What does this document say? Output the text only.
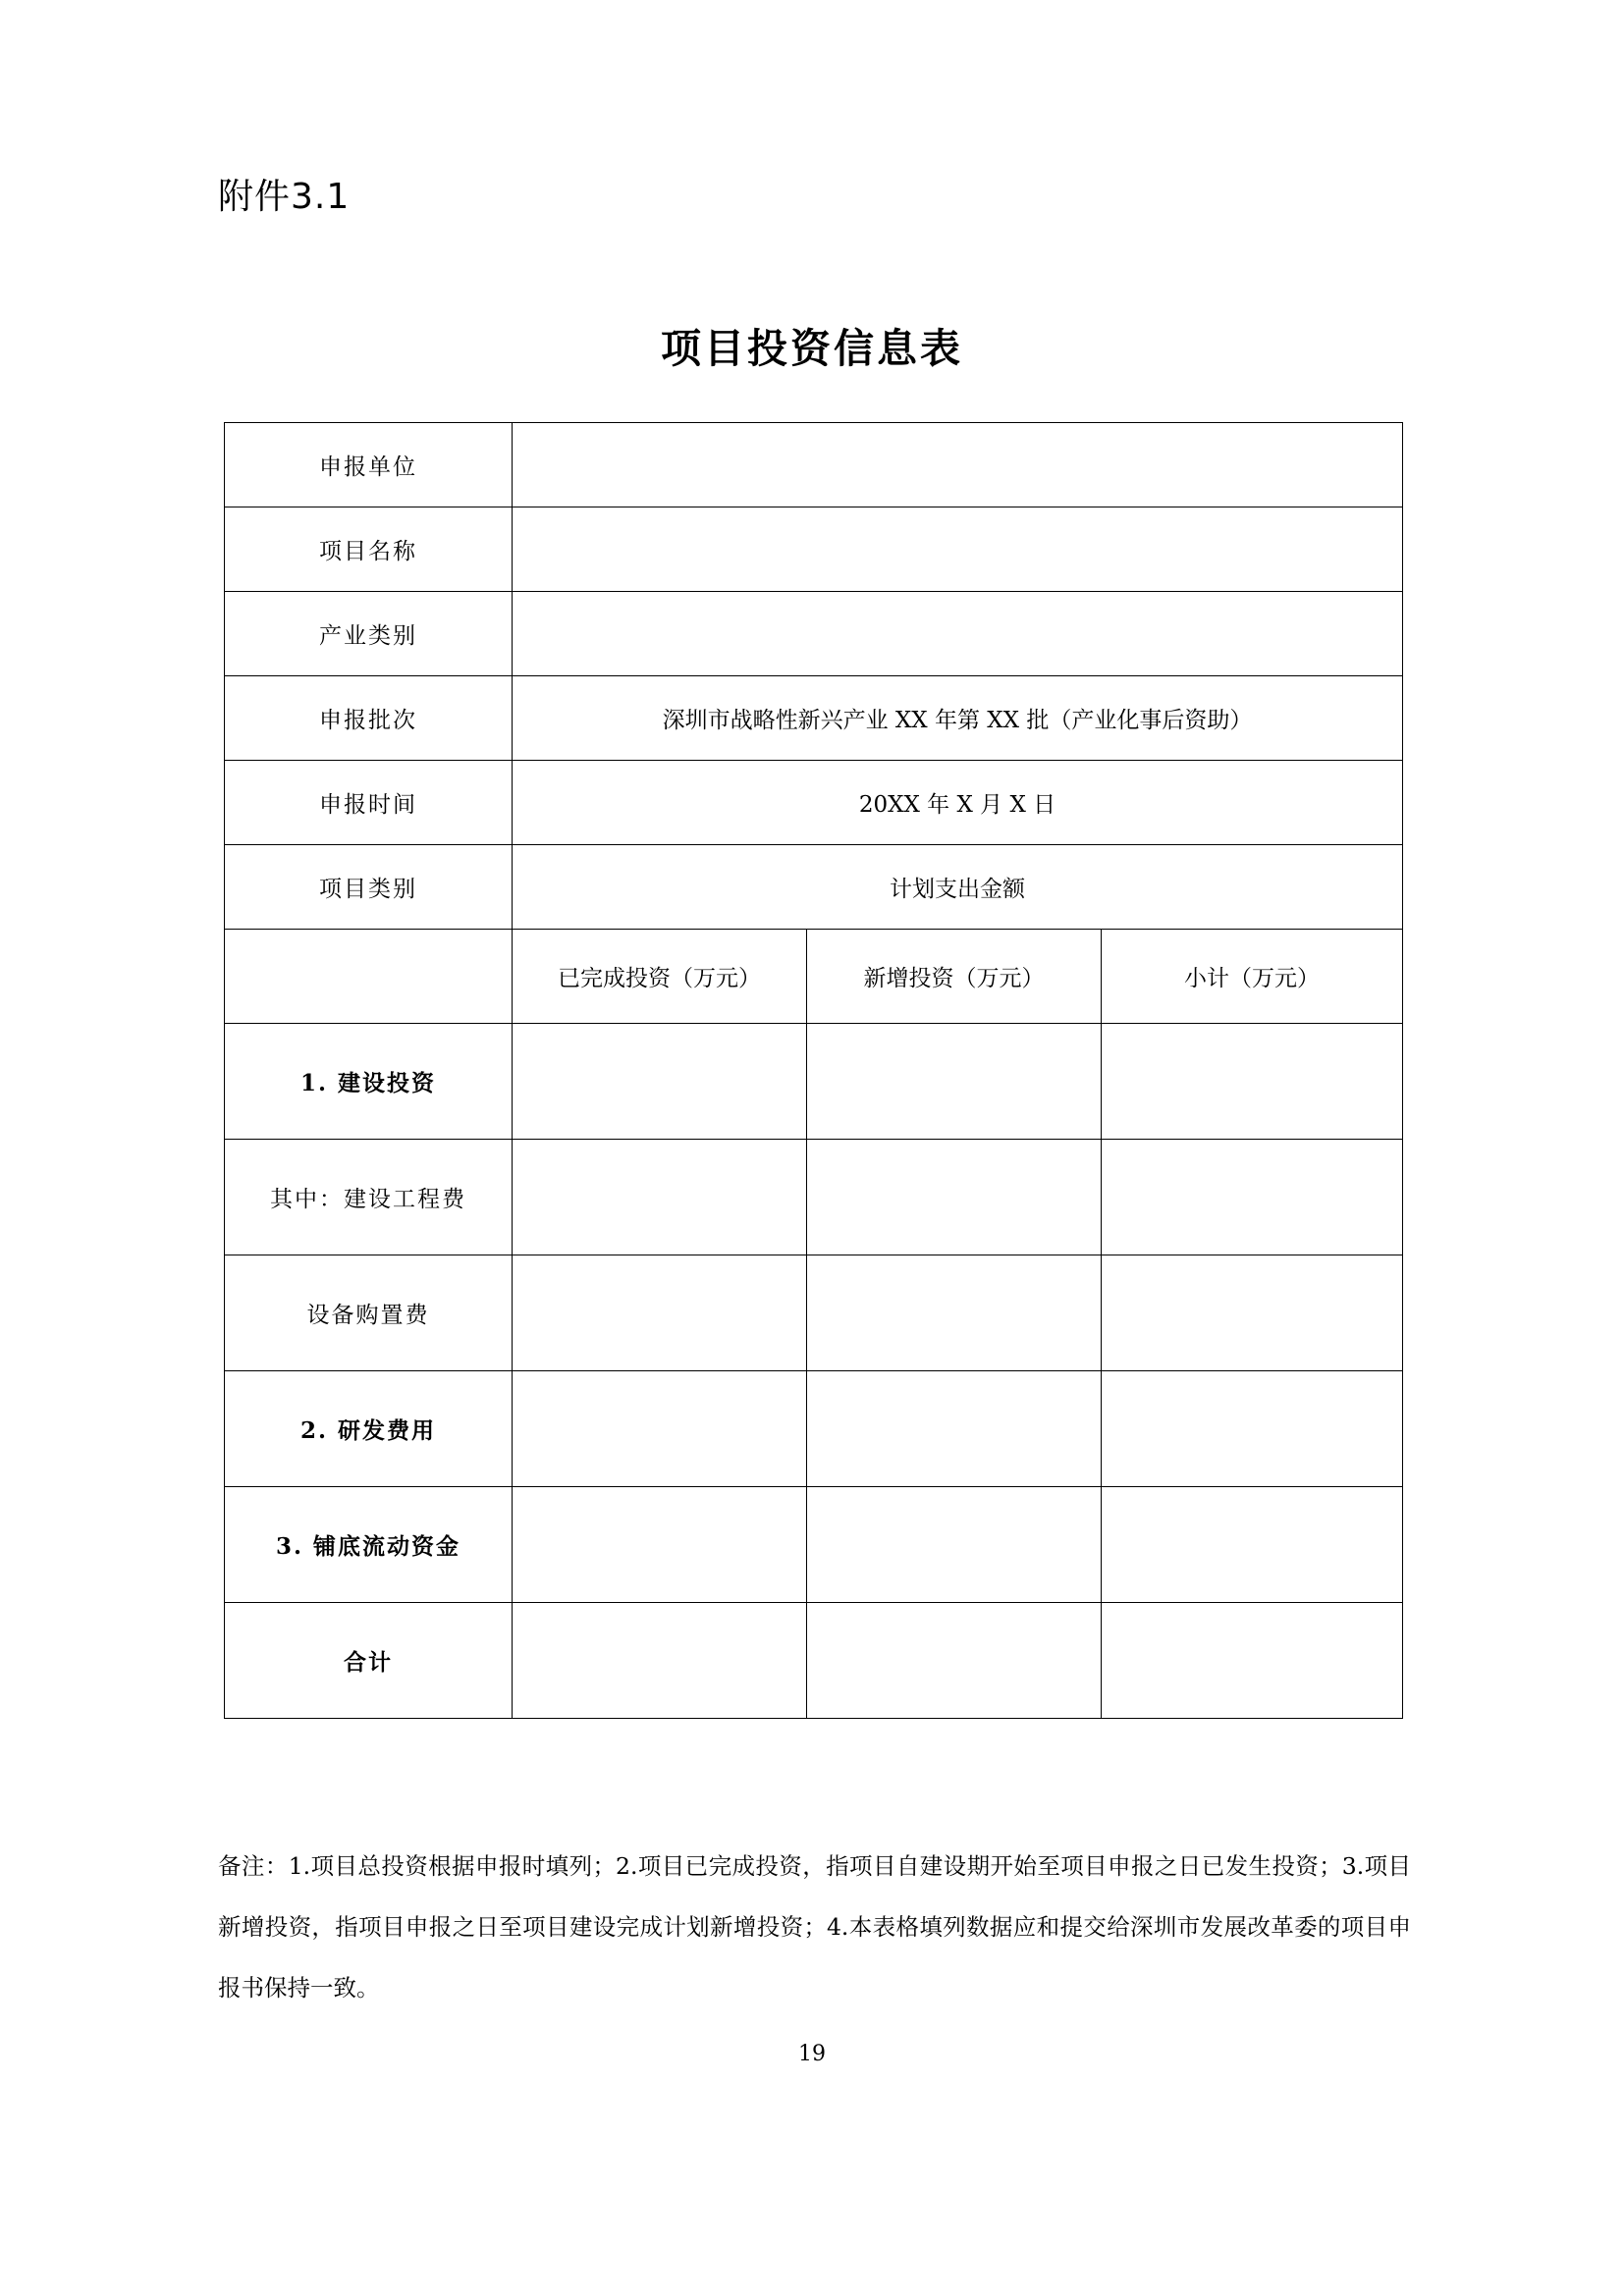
附件3.1
项目投资信息表
申报单位			
项目名称			
产业类别			
申报批次	深圳市战略性新兴产业 XX 年第 XX 批（产业化事后资助）		
申报时间	20XX 年 X 月 X 日		
项目类别	计划支出金额		
	已完成投资（万元）	新增投资（万元）	小计（万元）
1. 建设投资			
其中：建设工程费			
设备购置费			
2. 研发费用			
3. 铺底流动资金			
合计			
备注：1.项目总投资根据申报时填列；2.项目已完成投资，指项目自建设期开始至项目申报之日已发生投资；3.项目新增投资，指项目申报之日至项目建设完成计划新增投资；4.本表格填列数据应和提交给深圳市发展改革委的项目申报书保持一致。
19
